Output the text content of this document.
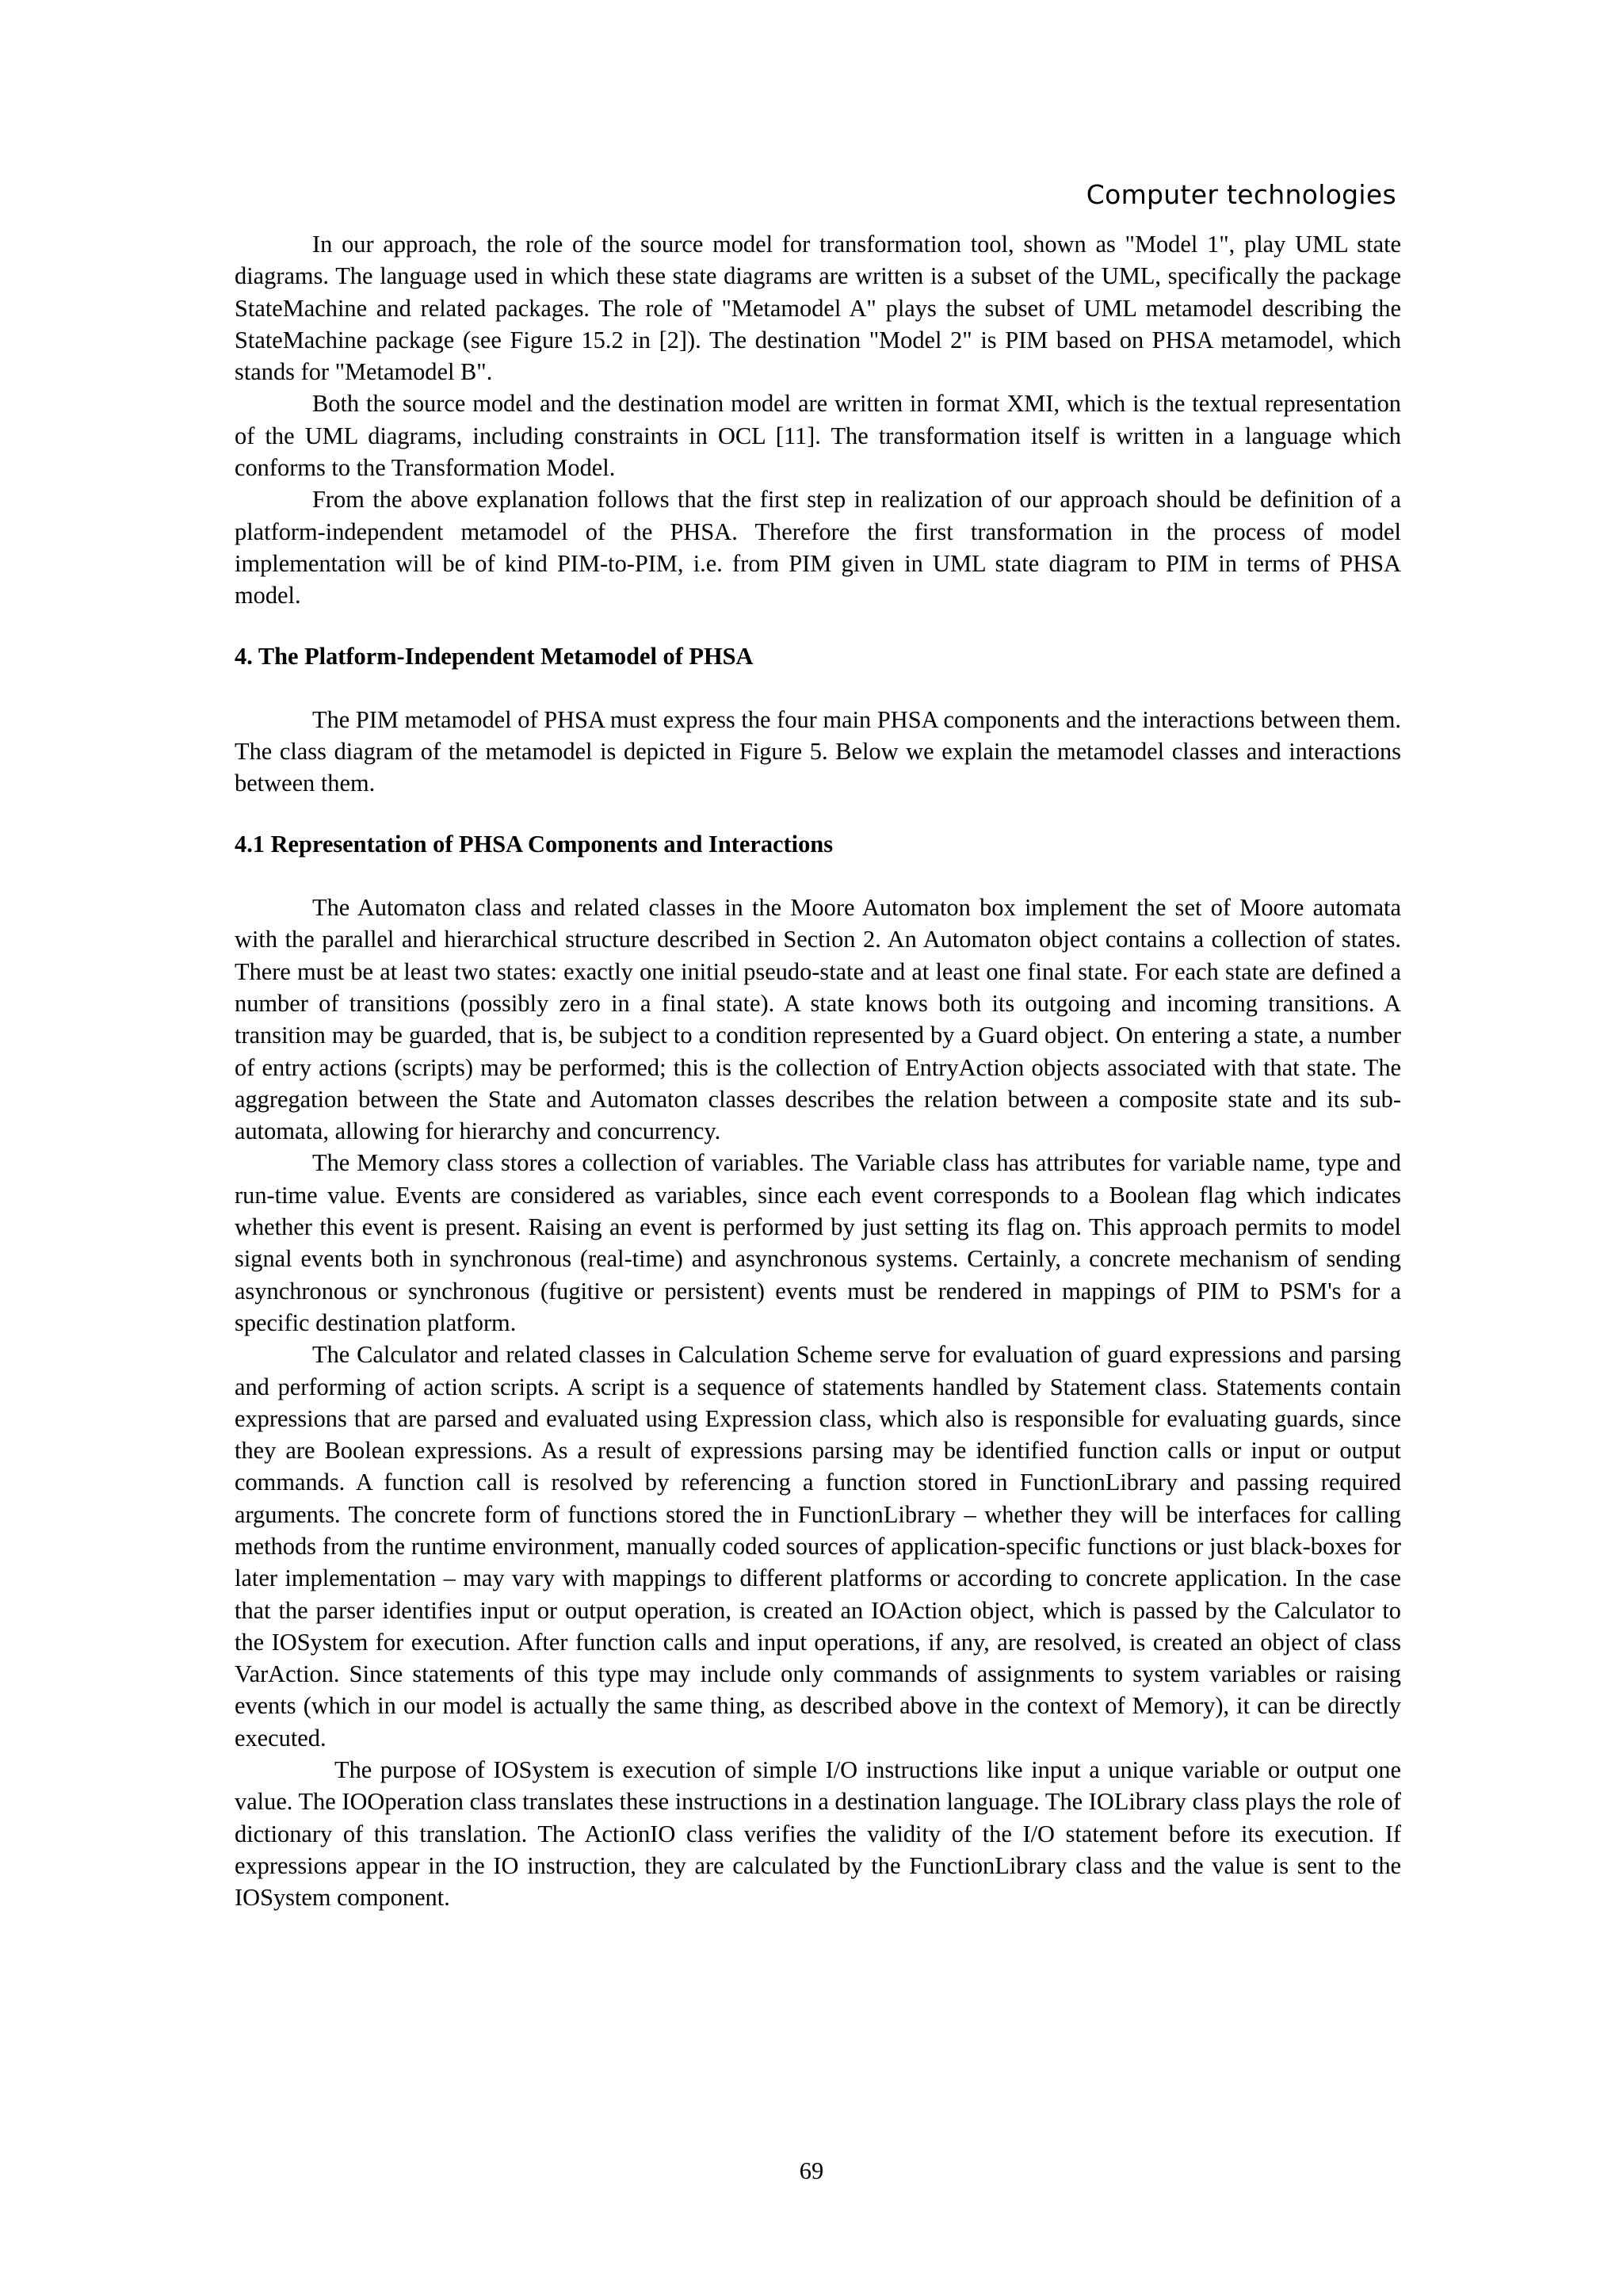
Computer technologies

In our approach, the role of the source model for transformation tool, shown as "Model 1", play UML state diagrams. The language used in which these state diagrams are written is a subset of the UML, specifically the package StateMachine and related packages. The role of "Metamodel A" plays the subset of UML metamodel describing the StateMachine package (see Figure 15.2 in [2]). The destination "Model 2" is PIM based on PHSA metamodel, which stands for "Metamodel B".

Both the source model and the destination model are written in format XMI, which is the textual representation of the UML diagrams, including constraints in OCL [11]. The transformation itself is written in a language which conforms to the Transformation Model.

From the above explanation follows that the first step in realization of our approach should be definition of a platform-independent metamodel of the PHSA. Therefore the first transformation in the process of model implementation will be of kind PIM-to-PIM, i.e. from PIM given in UML state diagram to PIM in terms of PHSA model.

4. The Platform-Independent Metamodel of PHSA

The PIM metamodel of PHSA must express the four main PHSA components and the interactions between them. The class diagram of the metamodel is depicted in Figure 5. Below we explain the metamodel classes and interactions between them.

4.1 Representation of PHSA Components and Interactions

The Automaton class and related classes in the Moore Automaton box implement the set of Moore automata with the parallel and hierarchical structure described in Section 2. An Automaton object contains a collection of states. There must be at least two states: exactly one initial pseudo-state and at least one final state. For each state are defined a number of transitions (possibly zero in a final state). A state knows both its outgoing and incoming transitions. A transition may be guarded, that is, be subject to a condition represented by a Guard object. On entering a state, a number of entry actions (scripts) may be performed; this is the collection of EntryAction objects associated with that state. The aggregation between the State and Automaton classes describes the relation between a composite state and its sub-automata, allowing for hierarchy and concurrency.

The Memory class stores a collection of variables. The Variable class has attributes for variable name, type and run-time value. Events are considered as variables, since each event corresponds to a Boolean flag which indicates whether this event is present. Raising an event is performed by just setting its flag on. This approach permits to model signal events both in synchronous (real-time) and asynchronous systems. Certainly, a concrete mechanism of sending asynchronous or synchronous (fugitive or persistent) events must be rendered in mappings of PIM to PSM's for a specific destination platform.

The Calculator and related classes in Calculation Scheme serve for evaluation of guard expressions and parsing and performing of action scripts. A script is a sequence of statements handled by Statement class. Statements contain expressions that are parsed and evaluated using Expression class, which also is responsible for evaluating guards, since they are Boolean expressions. As a result of expressions parsing may be identified function calls or input or output commands. A function call is resolved by referencing a function stored in FunctionLibrary and passing required arguments. The concrete form of functions stored the in FunctionLibrary – whether they will be interfaces for calling methods from the runtime environment, manually coded sources of application-specific functions or just black-boxes for later implementation – may vary with mappings to different platforms or according to concrete application. In the case that the parser identifies input or output operation, is created an IOAction object, which is passed by the Calculator to the IOSystem for execution. After function calls and input operations, if any, are resolved, is created an object of class VarAction. Since statements of this type may include only commands of assignments to system variables or raising events (which in our model is actually the same thing, as described above in the context of Memory), it can be directly executed.

The purpose of IOSystem is execution of simple I/O instructions like input a unique variable or output one value. The IOOperation class translates these instructions in a destination language. The IOLibrary class plays the role of dictionary of this translation. The ActionIO class verifies the validity of the I/O statement before its execution. If expressions appear in the IO instruction, they are calculated by the FunctionLibrary class and the value is sent to the IOSystem component.

69
